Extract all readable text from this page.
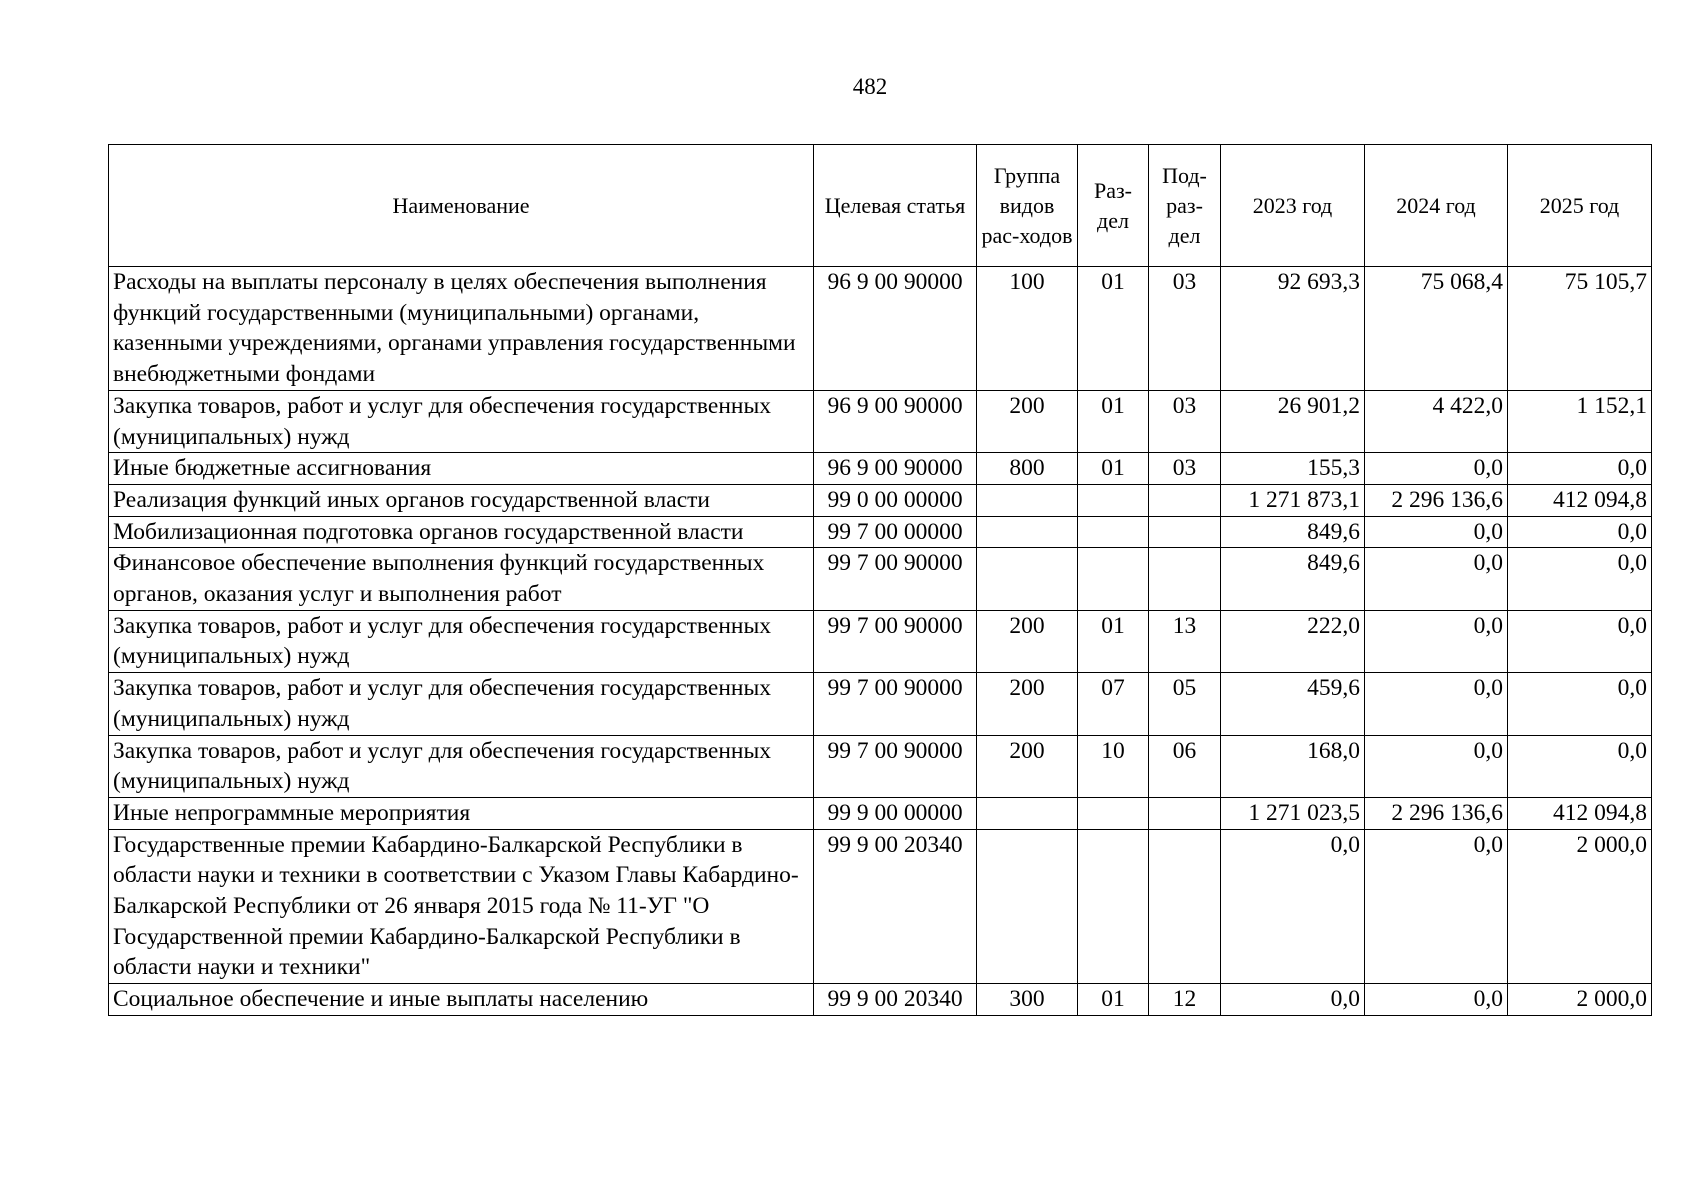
482
Наименование	Целевая статья	Группа видов рас-ходов	Раз-дел	Под-раз-дел	2023 год	2024 год	2025 год
Расходы на выплаты персоналу в целях обеспечения выполнения функций государственными (муниципальными) органами, казенными учреждениями, органами управления государственными внебюджетными фондами	96 9 00 90000	100	01	03	92 693,3	75 068,4	75 105,7
Закупка товаров, работ и услуг для обеспечения государственных (муниципальных) нужд	96 9 00 90000	200	01	03	26 901,2	4 422,0	1 152,1
Иные бюджетные ассигнования	96 9 00 90000	800	01	03	155,3	0,0	0,0
Реализация функций иных органов государственной власти	99 0 00 00000				1 271 873,1	2 296 136,6	412 094,8
Мобилизационная подготовка органов государственной власти	99 7 00 00000				849,6	0,0	0,0
Финансовое обеспечение выполнения функций государственных органов, оказания услуг и выполнения работ	99 7 00 90000				849,6	0,0	0,0
Закупка товаров, работ и услуг для обеспечения государственных (муниципальных) нужд	99 7 00 90000	200	01	13	222,0	0,0	0,0
Закупка товаров, работ и услуг для обеспечения государственных (муниципальных) нужд	99 7 00 90000	200	07	05	459,6	0,0	0,0
Закупка товаров, работ и услуг для обеспечения государственных (муниципальных) нужд	99 7 00 90000	200	10	06	168,0	0,0	0,0
Иные непрограммные мероприятия	99 9 00 00000				1 271 023,5	2 296 136,6	412 094,8
Государственные премии Кабардино-Балкарской Республики в области науки и техники в соответствии с Указом Главы Кабардино-Балкарской Республики от 26 января 2015 года № 11-УГ "О Государственной премии Кабардино-Балкарской Республики в области науки и техники"	99 9 00 20340				0,0	0,0	2 000,0
Социальное обеспечение и иные выплаты населению	99 9 00 20340	300	01	12	0,0	0,0	2 000,0
